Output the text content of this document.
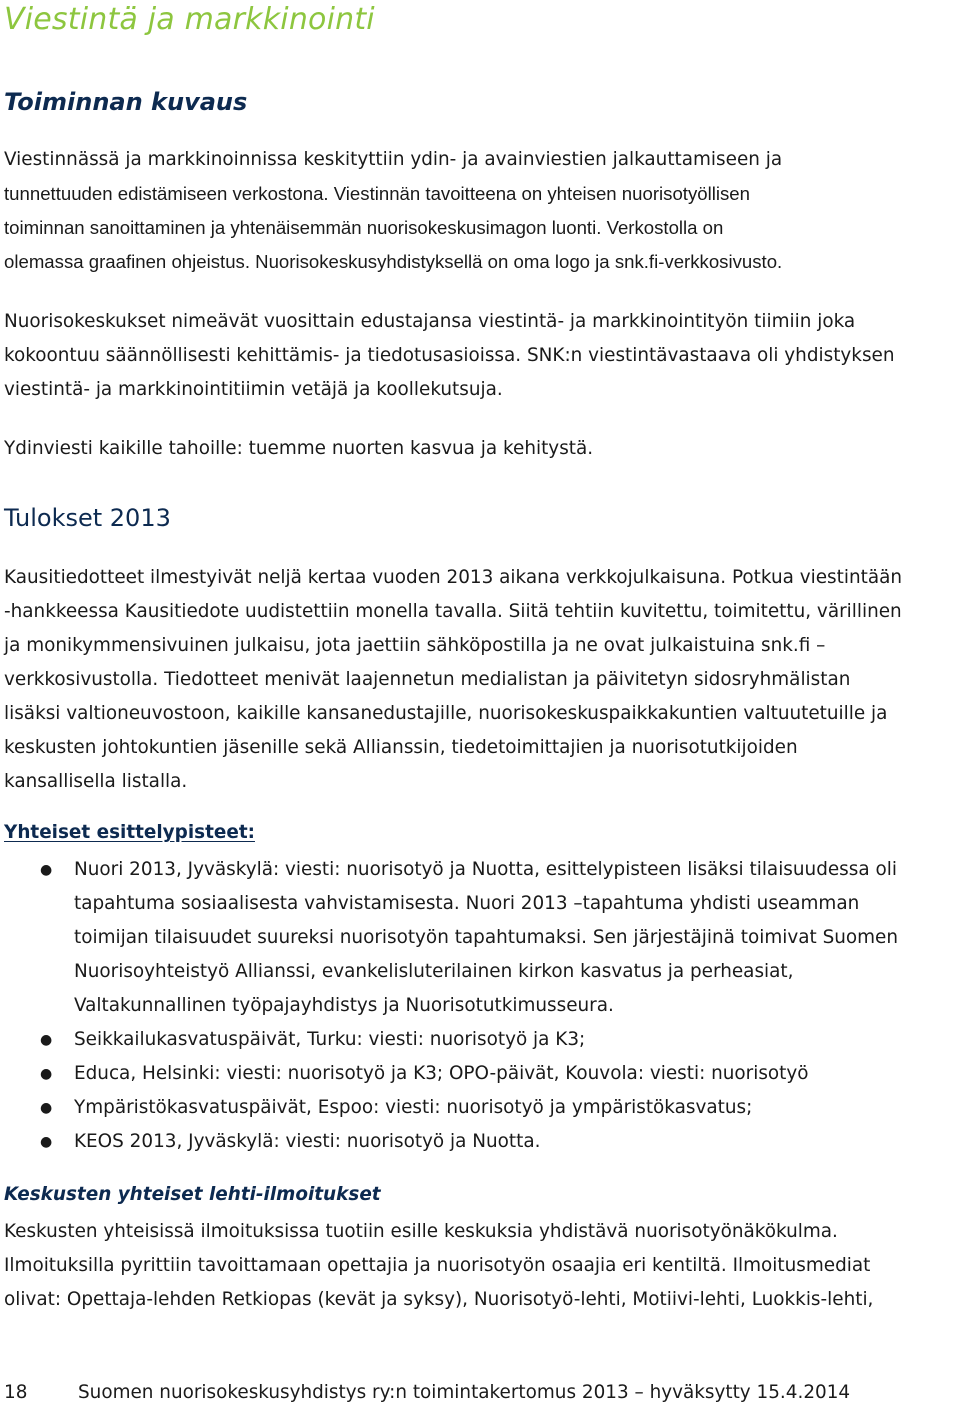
Viestintä ja markkinointi
Toiminnan kuvaus
Viestinnässä ja markkinoinnissa keskityttiin ydin- ja avainviestien jalkauttamiseen ja
tunnettuuden edistämiseen verkostona. Viestinnän tavoitteena on yhteisen nuorisotyöllisen
toiminnan sanoittaminen ja yhtenäisemmän nuorisokeskusimagon luonti. Verkostolla on
olemassa graafinen ohjeistus. Nuorisokeskusyhdistyksellä on oma logo ja snk.fi-verkkosivusto.
Nuorisokeskukset nimeävät vuosittain edustajansa viestintä- ja markkinointityön tiimiin joka
kokoontuu säännöllisesti kehittämis- ja tiedotusasioissa. SNK:n viestintävastaava oli yhdistyksen
viestintä- ja markkinointitiimin vetäjä ja koollekutsuja.
Ydinviesti kaikille tahoille: tuemme nuorten kasvua ja kehitystä.
Tulokset 2013
Kausitiedotteet ilmestyivät neljä kertaa vuoden 2013 aikana verkkojulkaisuna. Potkua viestintään
-hankkeessa Kausitiedote uudistettiin monella tavalla. Siitä tehtiin kuvitettu, toimitettu, värillinen
ja monikymmensivuinen julkaisu, jota jaettiin sähköpostilla ja ne ovat julkaistuina snk.fi –
verkkosivustolla. Tiedotteet menivät laajennetun medialistan ja päivitetyn sidosryhmälistan
lisäksi valtioneuvostoon, kaikille kansanedustajille, nuorisokeskuspaikkakuntien valtuutetuille ja
keskusten johtokuntien jäsenille sekä Allianssin, tiedetoimittajien ja nuorisotutkijoiden
kansallisella listalla.
Yhteiset esittelypisteet:
● Nuori 2013, Jyväskylä: viesti: nuorisotyö ja Nuotta, esittelypisteen lisäksi tilaisuudessa oli
tapahtuma sosiaalisesta vahvistamisesta. Nuori 2013 –tapahtuma yhdisti useamman
toimijan tilaisuudet suureksi nuorisotyön tapahtumaksi. Sen järjestäjinä toimivat Suomen
Nuorisoyhteistyö Allianssi, evankelisluterilainen kirkon kasvatus ja perheasiat,
Valtakunnallinen työpajayhdistys ja Nuorisotutkimusseura.
● Seikkailukasvatuspäivät, Turku: viesti: nuorisotyö ja K3;
● Educa, Helsinki: viesti: nuorisotyö ja K3; OPO-päivät, Kouvola: viesti: nuorisotyö
● Ympäristökasvatuspäivät, Espoo: viesti: nuorisotyö ja ympäristökasvatus;
● KEOS 2013, Jyväskylä: viesti: nuorisotyö ja Nuotta.
Keskusten yhteiset lehti-ilmoitukset
Keskusten yhteisissä ilmoituksissa tuotiin esille keskuksia yhdistävä nuorisotyönäkökulma.
Ilmoituksilla pyrittiin tavoittamaan opettajia ja nuorisotyön osaajia eri kentiltä. Ilmoitusmediat
olivat: Opettaja-lehden Retkiopas (kevät ja syksy), Nuorisotyö-lehti, Motiivi-lehti, Luokkis-lehti,
18	Suomen nuorisokeskusyhdistys ry:n toimintakertomus 2013 – hyväksytty 15.4.2014
